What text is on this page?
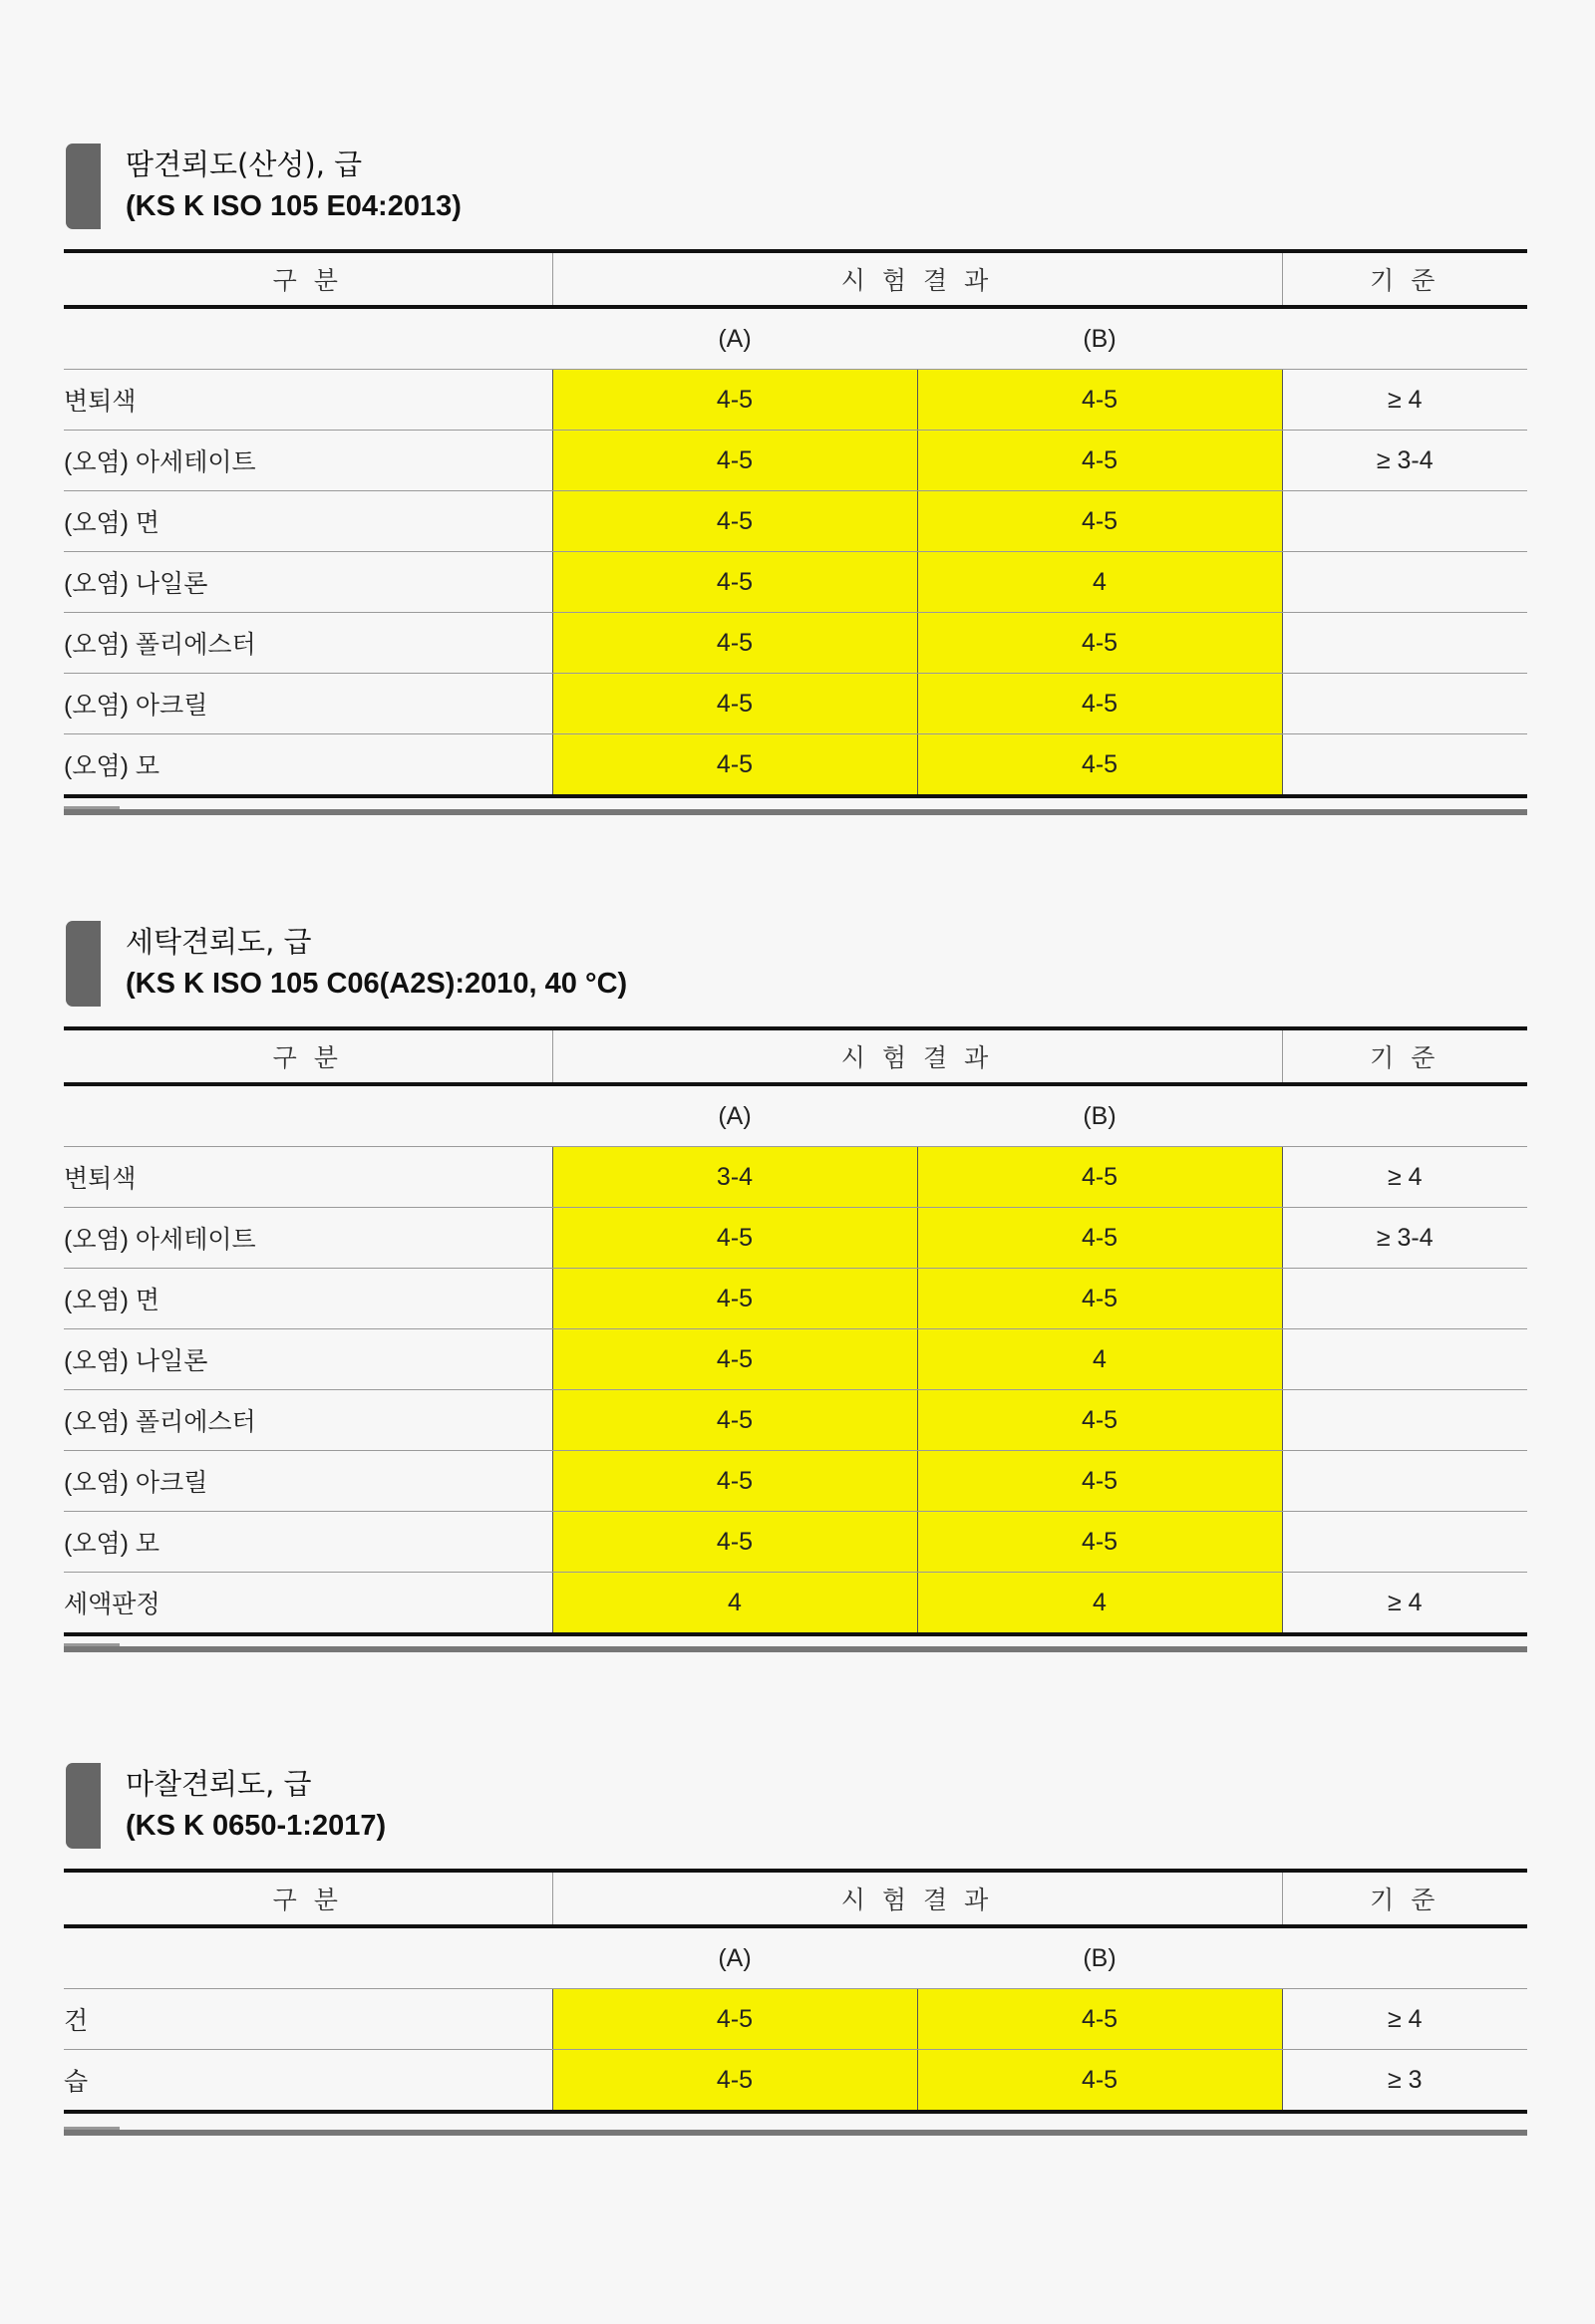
땀견뢰도(산성), 급
(KS K ISO 105 E04:2013)
구 분	시 험 결 과		기 준
	(A)	(B)	
변퇴색	4-5	4-5	≥ 4
(오염) 아세테이트	4-5	4-5	≥ 3-4
(오염) 면	4-5	4-5	
(오염) 나일론	4-5	4	
(오염) 폴리에스터	4-5	4-5	
(오염) 아크릴	4-5	4-5	
(오염) 모	4-5	4-5	
세탁견뢰도, 급
(KS K ISO 105 C06(A2S):2010, 40 °C)
구 분	시 험 결 과		기 준
	(A)	(B)	
변퇴색	3-4	4-5	≥ 4
(오염) 아세테이트	4-5	4-5	≥ 3-4
(오염) 면	4-5	4-5	
(오염) 나일론	4-5	4	
(오염) 폴리에스터	4-5	4-5	
(오염) 아크릴	4-5	4-5	
(오염) 모	4-5	4-5	
세액판정	4	4	≥ 4
마찰견뢰도, 급
(KS K 0650-1:2017)
구 분	시 험 결 과		기 준
	(A)	(B)	
건	4-5	4-5	≥ 4
습	4-5	4-5	≥ 3
